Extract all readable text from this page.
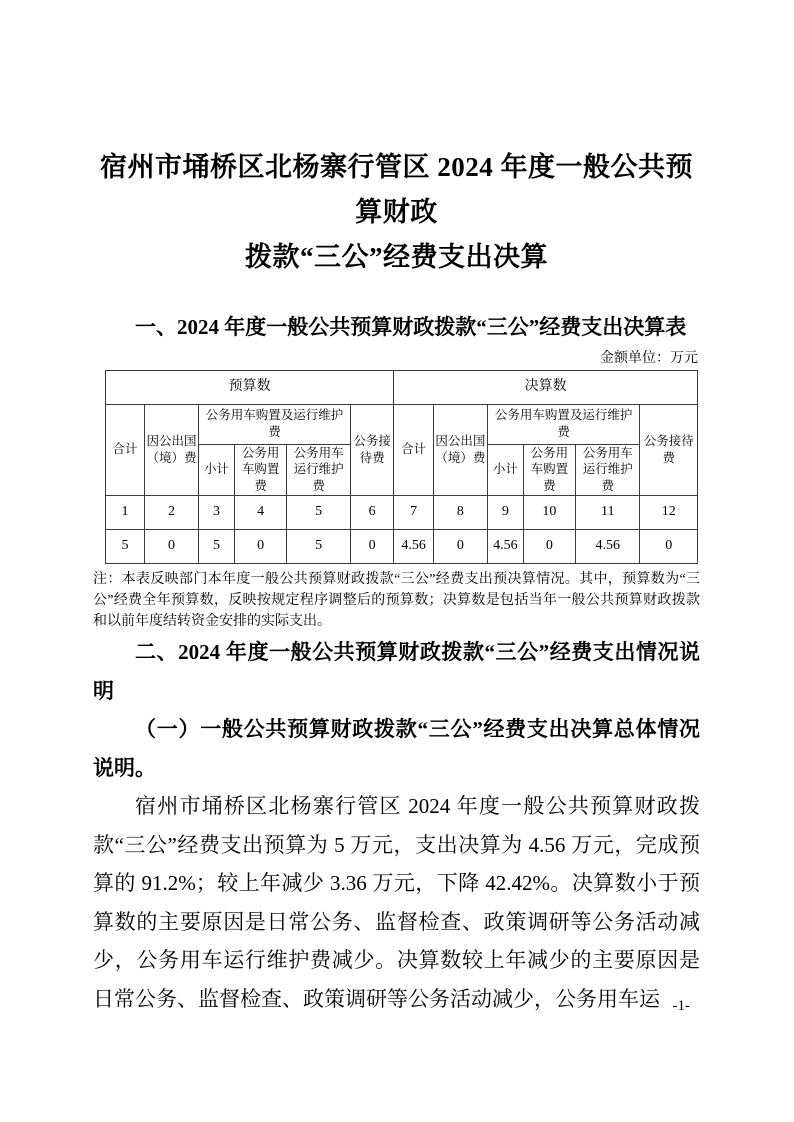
宿州市埇桥区北杨寨行管区 2024 年度一般公共预算财政
拨款“三公”经费支出决算
一、2024 年度一般公共预算财政拨款“三公”经费支出决算表
金额单位：万元
预算数						决算数					
合计	因公出国（境）费	公务用车购置及运行维护费			公务接待费	合计	因公出国（境）费	公务用车购置及运行维护费			公务接待费
		小计	公务用车购置费	公务用车运行维护费				小计	公务用车购置费	公务用车运行维护费	
1	2	3	4	5	6	7	8	9	10	11	12
5	0	5	0	5	0	4.56	0	4.56	0	4.56	0
注：本表反映部门本年度一般公共预算财政拨款“三公”经费支出预决算情况。其中，预算数为“三公”经费全年预算数，反映按规定程序调整后的预算数；决算数是包括当年一般公共预算财政拨款和以前年度结转资金安排的实际支出。
二、2024 年度一般公共预算财政拨款“三公”经费支出情况说明
（一）一般公共预算财政拨款“三公”经费支出决算总体情况说明。
宿州市埇桥区北杨寨行管区 2024 年度一般公共预算财政拨款“三公”经费支出预算为 5 万元，支出决算为 4.56 万元，完成预算的 91.2%；较上年减少 3.36 万元，下降 42.42%。决算数小于预算数的主要原因是日常公务、监督检查、政策调研等公务活动减少，公务用车运行维护费减少。决算数较上年减少的主要原因是日常公务、监督检查、政策调研等公务活动减少，公务用车运 -1-
